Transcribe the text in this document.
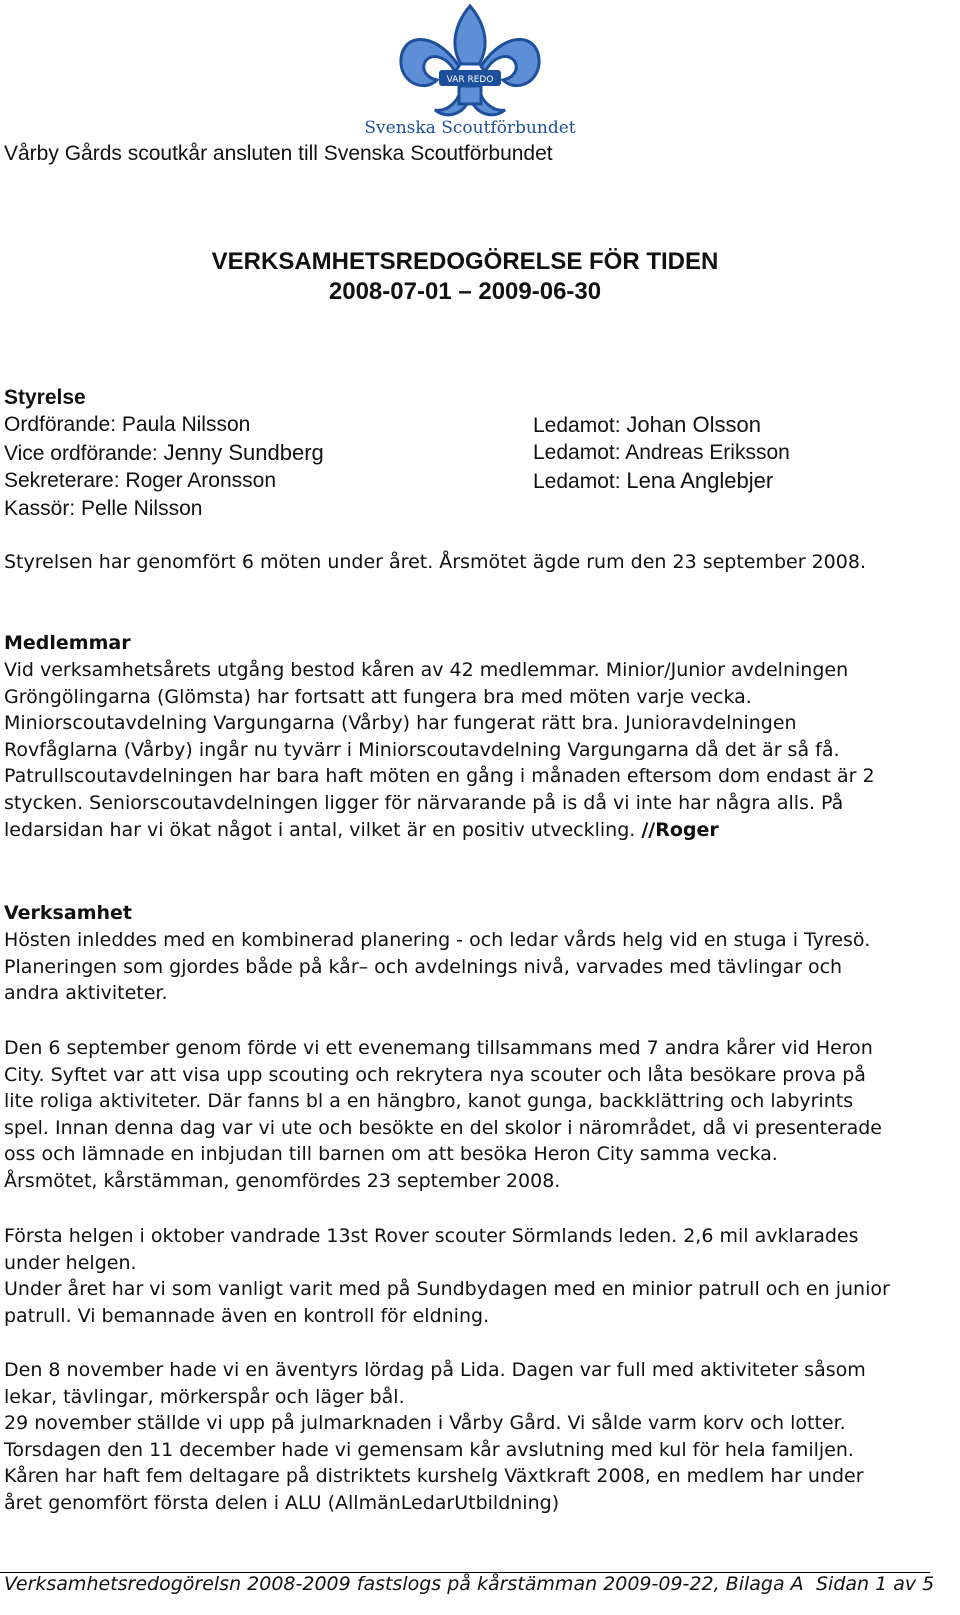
VAR REDO
Svenska Scoutförbundet
Vårby Gårds scoutkår ansluten till Svenska Scoutförbundet
VERKSAMHETSREDOGÖRELSE FÖR TIDEN
2008-07-01 – 2009-06-30
Styrelse
Ordförande: Paula Nilsson
Vice ordförande: Jenny Sundberg
Sekreterare: Roger Aronsson
Kassör: Pelle Nilsson
Ledamot: Johan Olsson
Ledamot: Andreas Eriksson
Ledamot: Lena Anglebjer
Styrelsen har genomfört 6 möten under året. Årsmötet ägde rum den 23 september 2008.
Medlemmar
Vid verksamhetsårets utgång bestod kåren av 42 medlemmar. Minior/Junior avdelningen
Gröngölingarna (Glömsta) har fortsatt att fungera bra med möten varje vecka.
Miniorscoutavdelning Vargungarna (Vårby) har fungerat rätt bra. Junioravdelningen
Rovfåglarna (Vårby) ingår nu tyvärr i Miniorscoutavdelning Vargungarna då det är så få.
Patrullscoutavdelningen har bara haft möten en gång i månaden eftersom dom endast är 2
stycken. Seniorscoutavdelningen ligger för närvarande på is då vi inte har några alls. På
ledarsidan har vi ökat något i antal, vilket är en positiv utveckling. //Roger
Verksamhet
Hösten inleddes med en kombinerad planering - och ledar vårds helg vid en stuga i Tyresö.
Planeringen som gjordes både på kår– och avdelnings nivå, varvades med tävlingar och
andra aktiviteter.
Den 6 september genom förde vi ett evenemang tillsammans med 7 andra kårer vid Heron
City. Syftet var att visa upp scouting och rekrytera nya scouter och låta besökare prova på
lite roliga aktiviteter. Där fanns bl a en hängbro, kanot gunga, backklättring och labyrints
spel. Innan denna dag var vi ute och besökte en del skolor i närområdet, då vi presenterade
oss och lämnade en inbjudan till barnen om att besöka Heron City samma vecka.
Årsmötet, kårstämman, genomfördes 23 september 2008.
Första helgen i oktober vandrade 13st Rover scouter Sörmlands leden. 2,6 mil avklarades
under helgen.
Under året har vi som vanligt varit med på Sundbydagen med en minior patrull och en junior
patrull. Vi bemannade även en kontroll för eldning.
Den 8 november hade vi en äventyrs lördag på Lida. Dagen var full med aktiviteter såsom
lekar, tävlingar, mörkerspår och läger bål.
29 november ställde vi upp på julmarknaden i Vårby Gård. Vi sålde varm korv och lotter.
Torsdagen den 11 december hade vi gemensam kår avslutning med kul för hela familjen.
Kåren har haft fem deltagare på distriktets kurshelg Växtkraft 2008, en medlem har under
året genomfört första delen i ALU (AllmänLedarUtbildning)
Verksamhetsredogörelsn 2008-2009 fastslogs på kårstämman 2009-09-22, Bilaga A Sidan 1 av 5
